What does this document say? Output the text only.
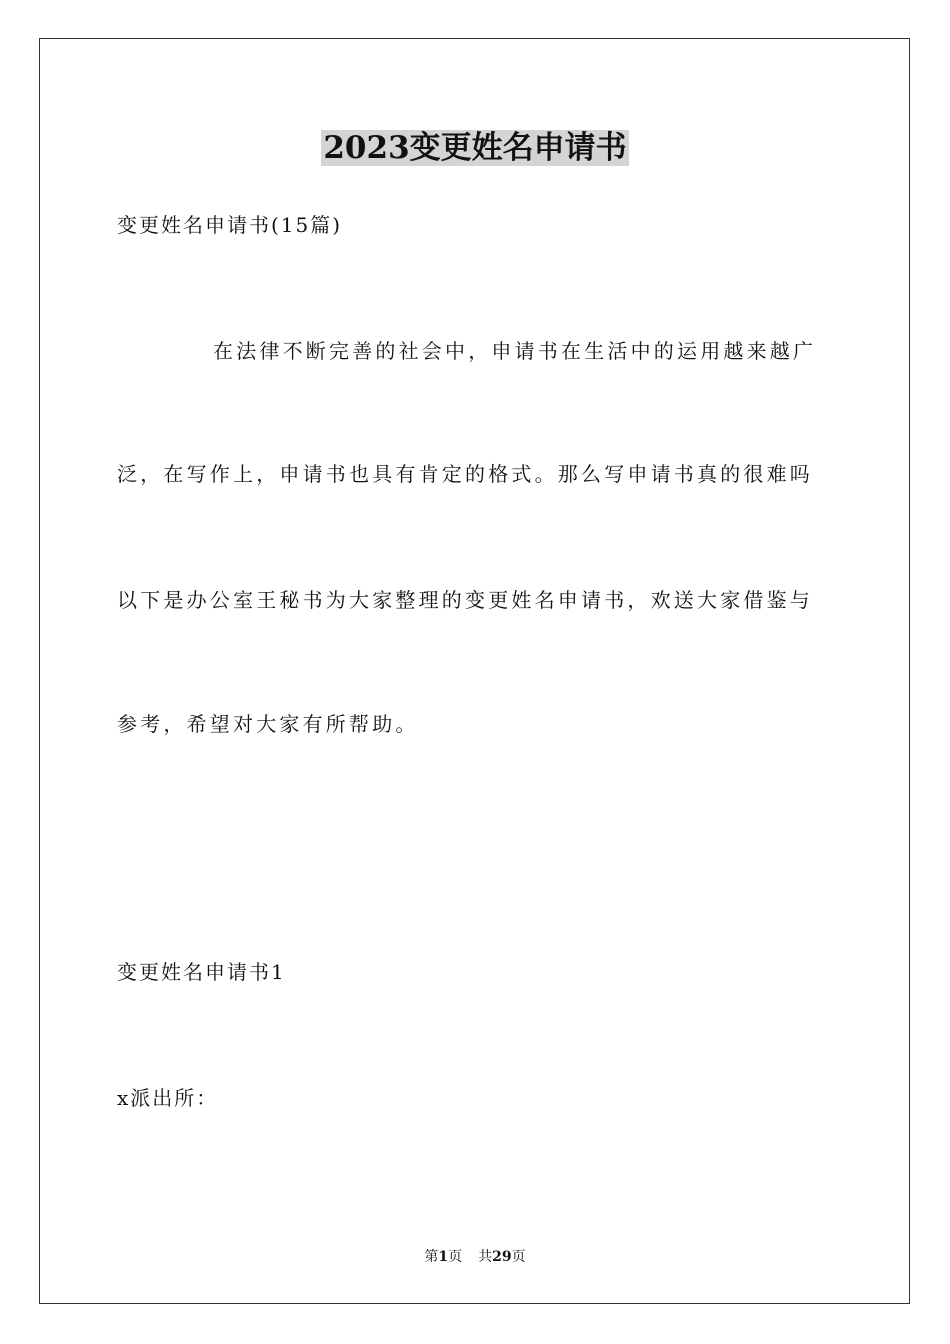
2023变更姓名申请书
变更姓名申请书(15篇)
在法律不断完善的社会中，申请书在生活中的运用越来越广
泛，在写作上，申请书也具有肯定的格式。那么写申请书真的很难吗
以下是办公室王秘书为大家整理的变更姓名申请书，欢送大家借鉴与
参考，希望对大家有所帮助。
变更姓名申请书1
x派出所：
第1页 共29页
